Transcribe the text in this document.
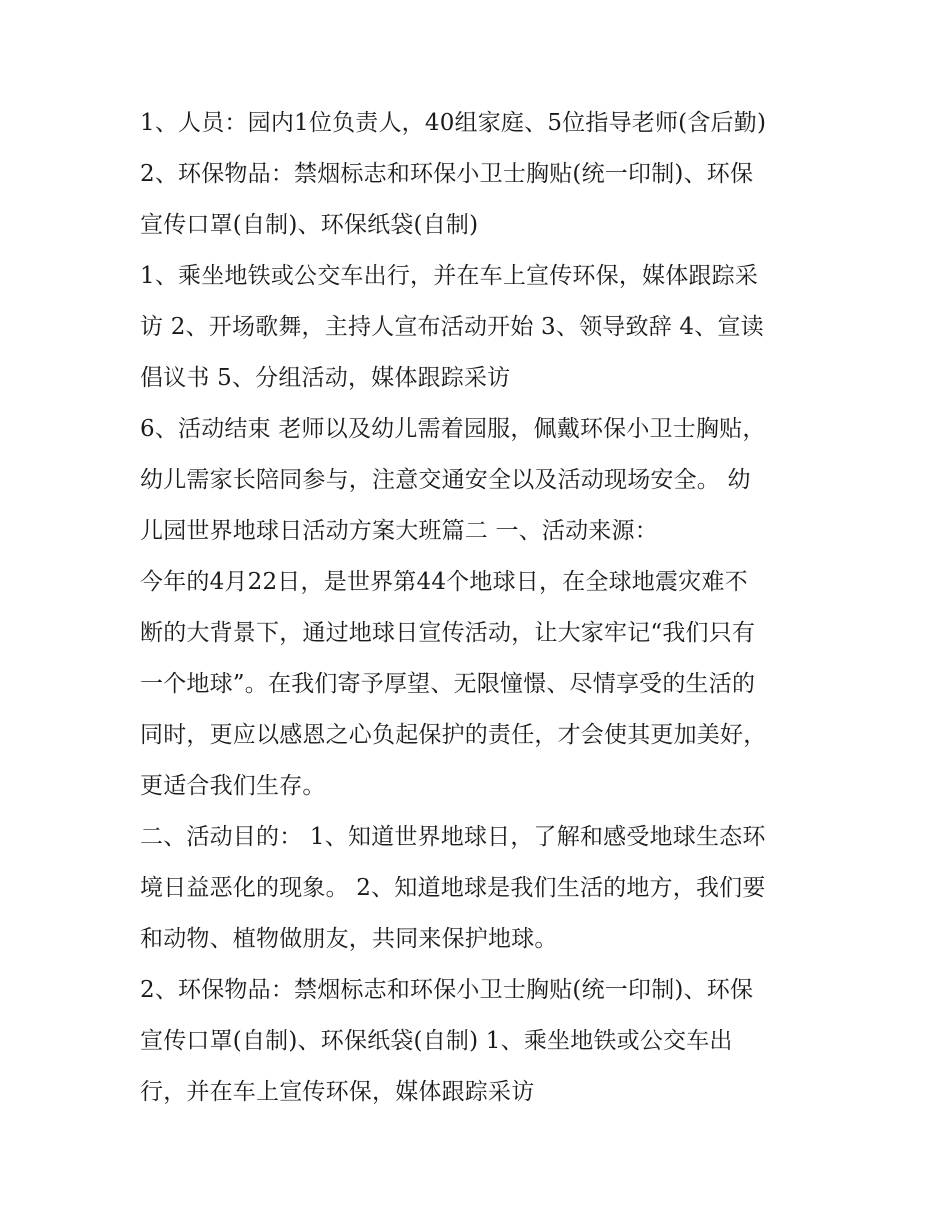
1、人员：园内1位负责人，40组家庭、5位指导老师(含后勤)
2、环保物品：禁烟标志和环保小卫士胸贴(统一印制)、环保
宣传口罩(自制)、环保纸袋(自制)
1、乘坐地铁或公交车出行，并在车上宣传环保，媒体跟踪采
访 2、开场歌舞，主持人宣布活动开始 3、领导致辞 4、宣读
倡议书 5、分组活动，媒体跟踪采访
6、活动结束 老师以及幼儿需着园服，佩戴环保小卫士胸贴，
幼儿需家长陪同参与，注意交通安全以及活动现场安全。 幼
儿园世界地球日活动方案大班篇二 一、活动来源：
今年的4月22日，是世界第44个地球日，在全球地震灾难不
断的大背景下，通过地球日宣传活动，让大家牢记“我们只有
一个地球”。在我们寄予厚望、无限憧憬、尽情享受的生活的
同时，更应以感恩之心负起保护的责任，才会使其更加美好，
更适合我们生存。
二、活动目的： 1、知道世界地球日，了解和感受地球生态环
境日益恶化的现象。 2、知道地球是我们生活的地方，我们要
和动物、植物做朋友，共同来保护地球。
2、环保物品：禁烟标志和环保小卫士胸贴(统一印制)、环保
宣传口罩(自制)、环保纸袋(自制) 1、乘坐地铁或公交车出
行，并在车上宣传环保，媒体跟踪采访
